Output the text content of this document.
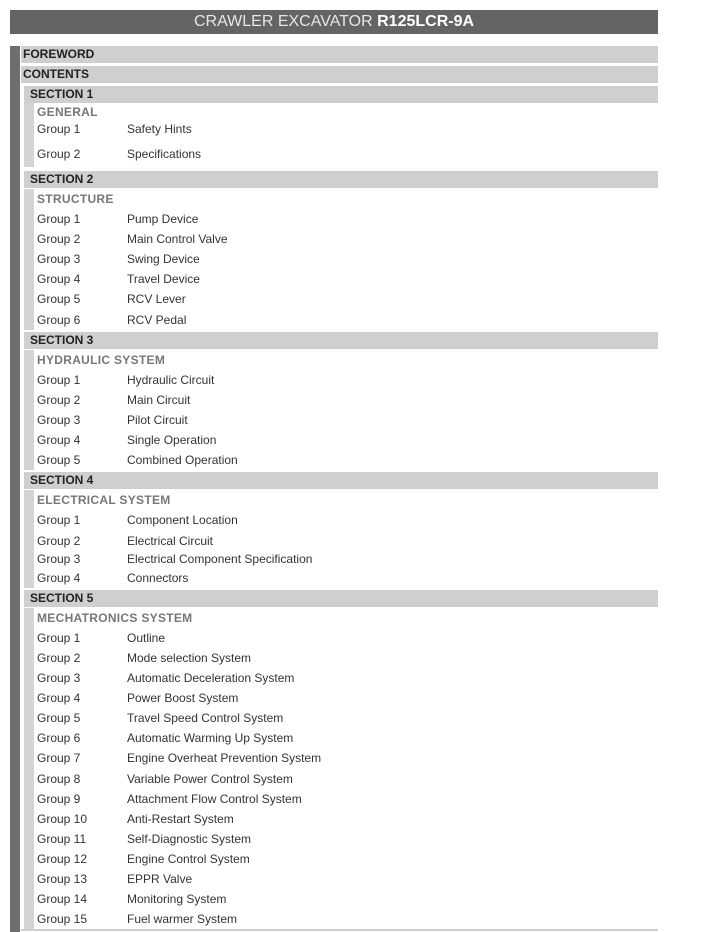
CRAWLER EXCAVATOR R125LCR-9A
FOREWORD
CONTENTS
SECTION 1
GENERAL
Group 1	Safety Hints
Group 2	Specifications
SECTION 2
STRUCTURE
Group 1	Pump Device
Group 2	Main Control Valve
Group 3	Swing Device
Group 4	Travel Device
Group 5	RCV Lever
Group 6	RCV Pedal
SECTION 3
HYDRAULIC SYSTEM
Group 1	Hydraulic Circuit
Group 2	Main Circuit
Group 3	Pilot Circuit
Group 4	Single Operation
Group 5	Combined Operation
SECTION 4
ELECTRICAL SYSTEM
Group 1	Component Location
Group 2	Electrical Circuit
Group 3	Electrical Component Specification
Group 4	Connectors
SECTION 5
MECHATRONICS SYSTEM
Group 1	Outline
Group 2	Mode selection System
Group 3	Automatic Deceleration System
Group 4	Power Boost System
Group 5	Travel Speed Control System
Group 6	Automatic Warming Up System
Group 7	Engine Overheat Prevention System
Group 8	Variable Power Control System
Group 9	Attachment Flow Control System
Group 10	Anti-Restart System
Group 11	Self-Diagnostic System
Group 12	Engine Control System
Group 13	EPPR Valve
Group 14	Monitoring System
Group 15	Fuel warmer System
